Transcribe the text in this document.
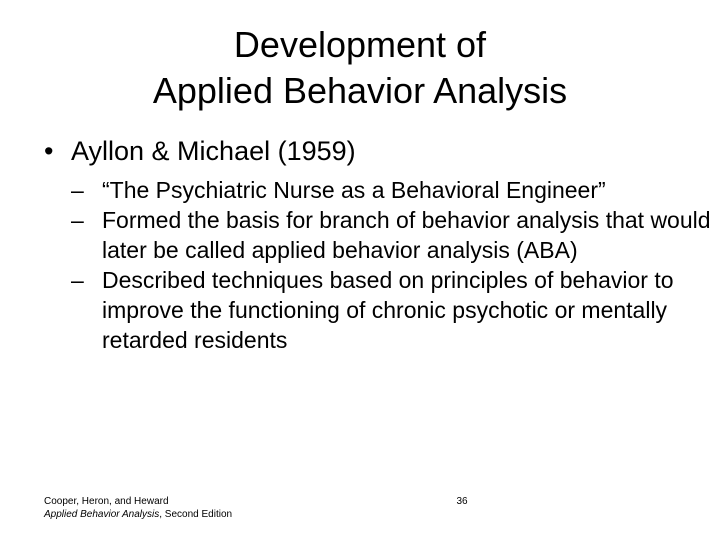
Development of
Applied Behavior Analysis
• Ayllon & Michael (1959)
– “The Psychiatric Nurse as a Behavioral Engineer”
– Formed the basis for branch of behavior analysis that would later be called applied behavior analysis (ABA)
– Described techniques based on principles of behavior to improve the functioning of chronic psychotic or mentally retarded residents
Cooper, Heron, and Heward
Applied Behavior Analysis, Second Edition
36
